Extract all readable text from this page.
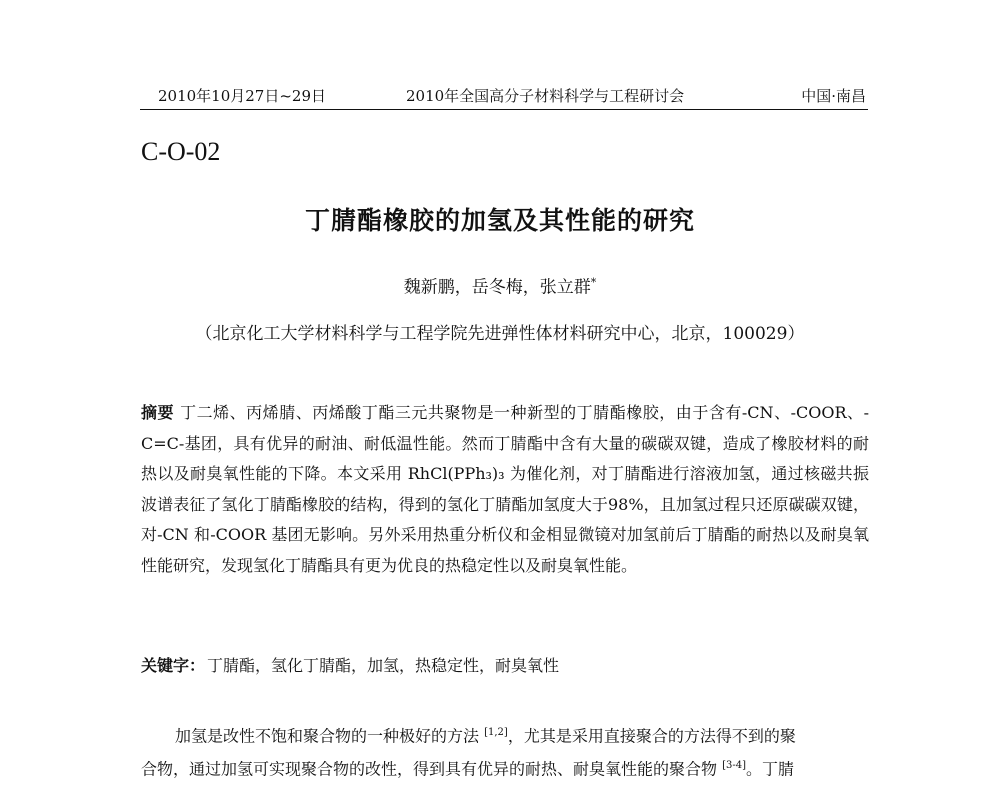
2010年10月27日~29日	2010年全国高分子材料科学与工程研讨会	中国·南昌
C-O-02
丁腈酯橡胶的加氢及其性能的研究
魏新鹏，岳冬梅，张立群*
（北京化工大学材料科学与工程学院先进弹性体材料研究中心，北京，100029）

摘要 丁二烯、丙烯腈、丙烯酸丁酯三元共聚物是一种新型的丁腈酯橡胶，由于含有-CN、-COOR、-C=C-基团，具有优异的耐油、耐低温性能。然而丁腈酯中含有大量的碳碳双键，造成了橡胶材料的耐热以及耐臭氧性能的下降。本文采用 RhCl(PPh₃)₃ 为催化剂，对丁腈酯进行溶液加氢，通过核磁共振波谱表征了氢化丁腈酯橡胶的结构，得到的氢化丁腈酯加氢度大于98%，且加氢过程只还原碳碳双键，对-CN 和-COOR 基团无影响。另外采用热重分析仪和金相显微镜对加氢前后丁腈酯的耐热以及耐臭氧性能研究，发现氢化丁腈酯具有更为优良的热稳定性以及耐臭氧性能。

关键字： 丁腈酯，氢化丁腈酯，加氢，热稳定性，耐臭氧性

加氢是改性不饱和聚合物的一种极好的方法 [1,2]，尤其是采用直接聚合的方法得不到的聚
合物，通过加氢可实现聚合物的改性，得到具有优异的耐热、耐臭氧性能的聚合物 [3-4]。丁腈
